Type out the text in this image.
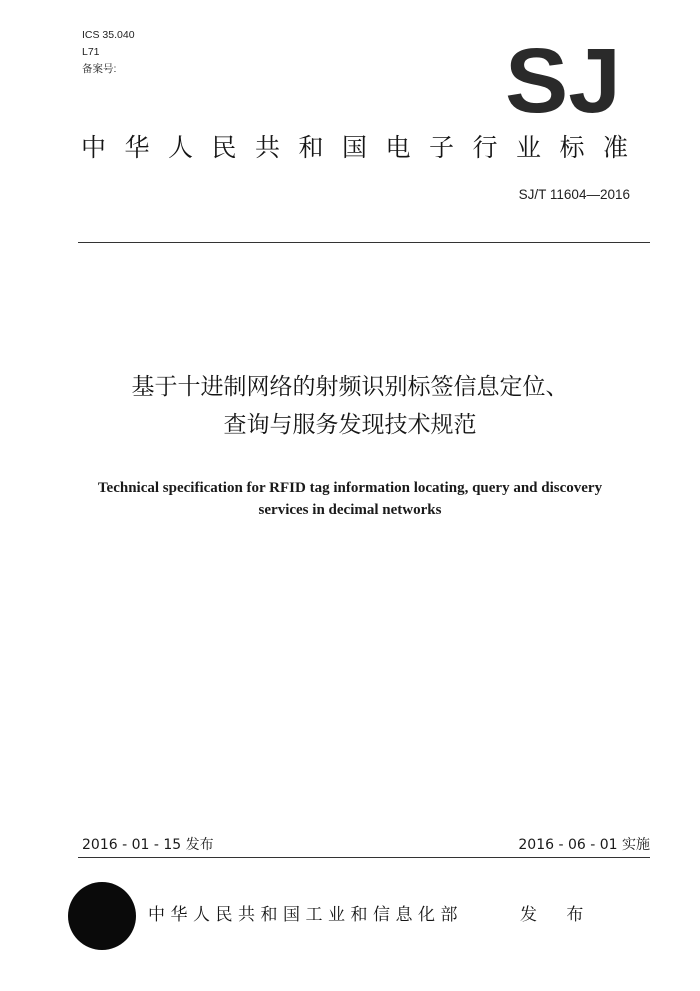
ICS 35.040
L71
备案号:	SJ
中华人民共和国电子行业标准
SJ/T 11604—2016
基于十进制网络的射频识别标签信息定位、
查询与服务发现技术规范
Technical specification for RFID tag information locating, query and discovery
services in decimal networks
2016 - 01 - 15 发布	2016 - 06 - 01 实施
中华人民共和国工业和信息化部	发 布
